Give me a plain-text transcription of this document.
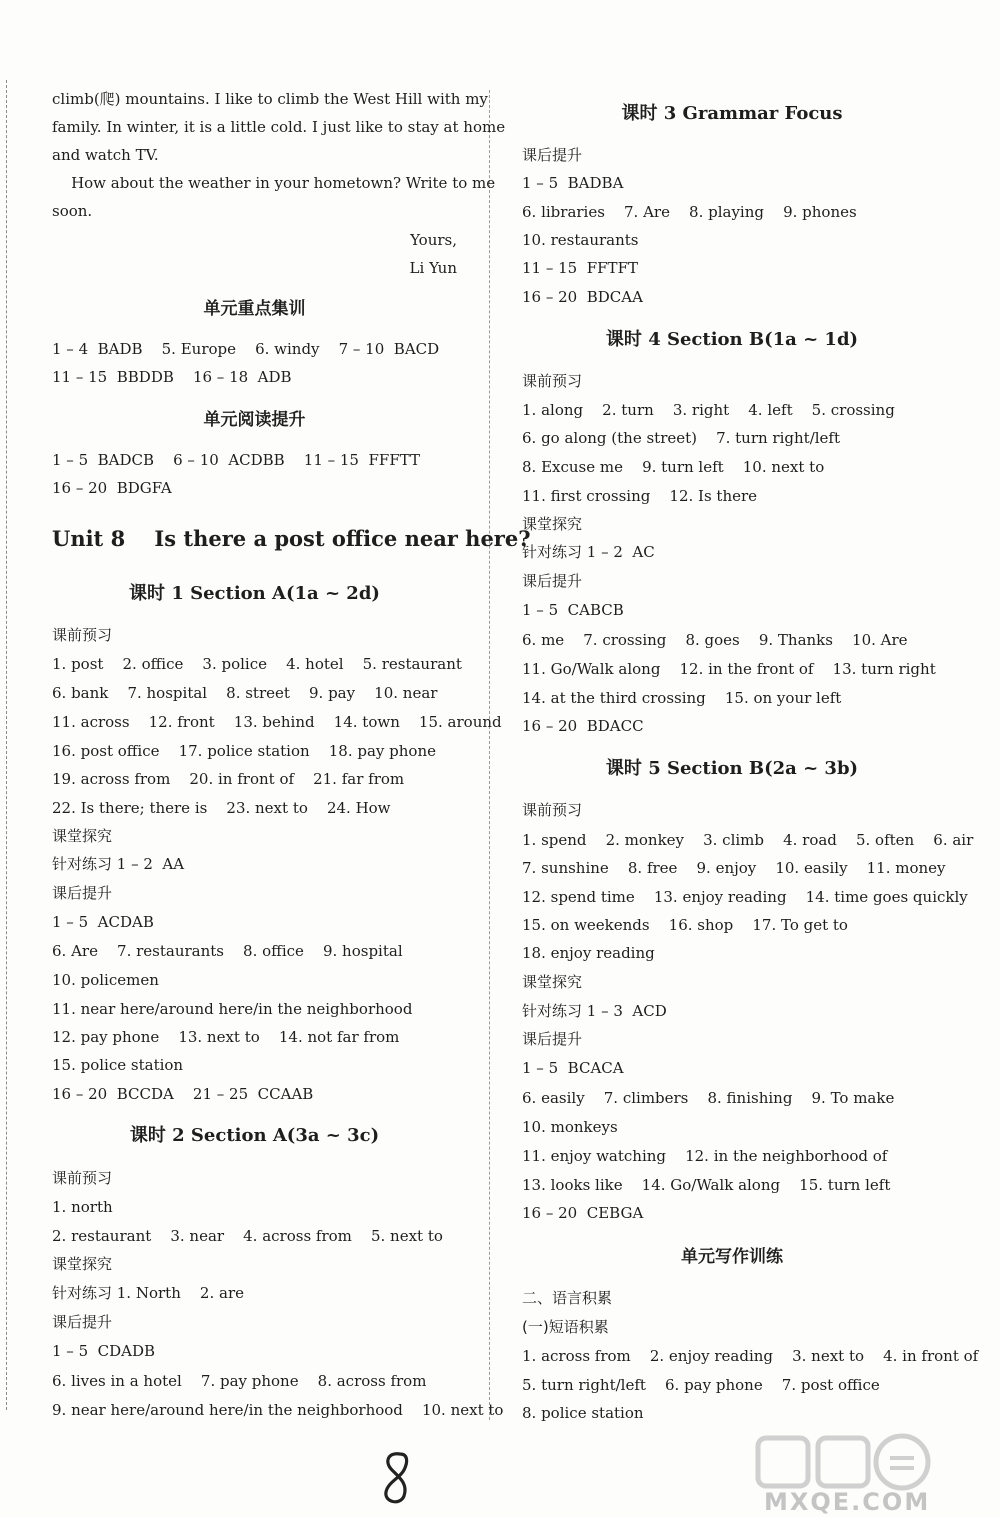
climb(爬) mountains. I like to climb the West Hill with my
family. In winter, it is a little cold. I just like to stay at home
and watch TV.
How about the weather in your hometown? Write to me
soon.
Yours,
Li Yun
单元重点集训
1 – 4  BADB    5. Europe    6. windy    7 – 10  BACD
11 – 15  BBDDB    16 – 18  ADB
单元阅读提升
1 – 5  BADCB    6 – 10  ACDBB    11 – 15  FFFTT
16 – 20  BDGFA
Unit 8    Is there a post office near here?
课时 1 Section A(1a ~ 2d)
课前预习
1. post    2. office    3. police    4. hotel    5. restaurant
6. bank    7. hospital    8. street    9. pay    10. near
11. across    12. front    13. behind    14. town    15. around
16. post office    17. police station    18. pay phone
19. across from    20. in front of    21. far from
22. Is there; there is    23. next to    24. How
课堂探究
针对练习 1 – 2  AA
课后提升
1 – 5  ACDAB
6. Are    7. restaurants    8. office    9. hospital
10. policemen
11. near here/around here/in the neighborhood
12. pay phone    13. next to    14. not far from
15. police station
16 – 20  BCCDA    21 – 25  CCAAB
课时 2 Section A(3a ~ 3c)
课前预习
1. north
2. restaurant    3. near    4. across from    5. next to
课堂探究
针对练习 1. North    2. are
课后提升
1 – 5  CDADB
6. lives in a hotel    7. pay phone    8. across from
9. near here/around here/in the neighborhood    10. next to
课时 3 Grammar Focus
课后提升
1 – 5  BADBA
6. libraries    7. Are    8. playing    9. phones
10. restaurants
11 – 15  FFTFT
16 – 20  BDCAA
课时 4 Section B(1a ~ 1d)
课前预习
1. along    2. turn    3. right    4. left    5. crossing
6. go along (the street)    7. turn right/left
8. Excuse me    9. turn left    10. next to
11. first crossing    12. Is there
课堂探究
针对练习 1 – 2  AC
课后提升
1 – 5  CABCB
6. me    7. crossing    8. goes    9. Thanks    10. Are
11. Go/Walk along    12. in the front of    13. turn right
14. at the third crossing    15. on your left
16 – 20  BDACC
课时 5 Section B(2a ~ 3b)
课前预习
1. spend    2. monkey    3. climb    4. road    5. often    6. air
7. sunshine    8. free    9. enjoy    10. easily    11. money
12. spend time    13. enjoy reading    14. time goes quickly
15. on weekends    16. shop    17. To get to
18. enjoy reading
课堂探究
针对练习 1 – 3  ACD
课后提升
1 – 5  BCACA
6. easily    7. climbers    8. finishing    9. To make
10. monkeys
11. enjoy watching    12. in the neighborhood of
13. looks like    14. Go/Walk along    15. turn left
16 – 20  CEBGA
单元写作训练
二、语言积累
(一)短语积累
1. across from    2. enjoy reading    3. next to    4. in front of
5. turn right/left    6. pay phone    7. post office
8. police station
MXQE.COM
